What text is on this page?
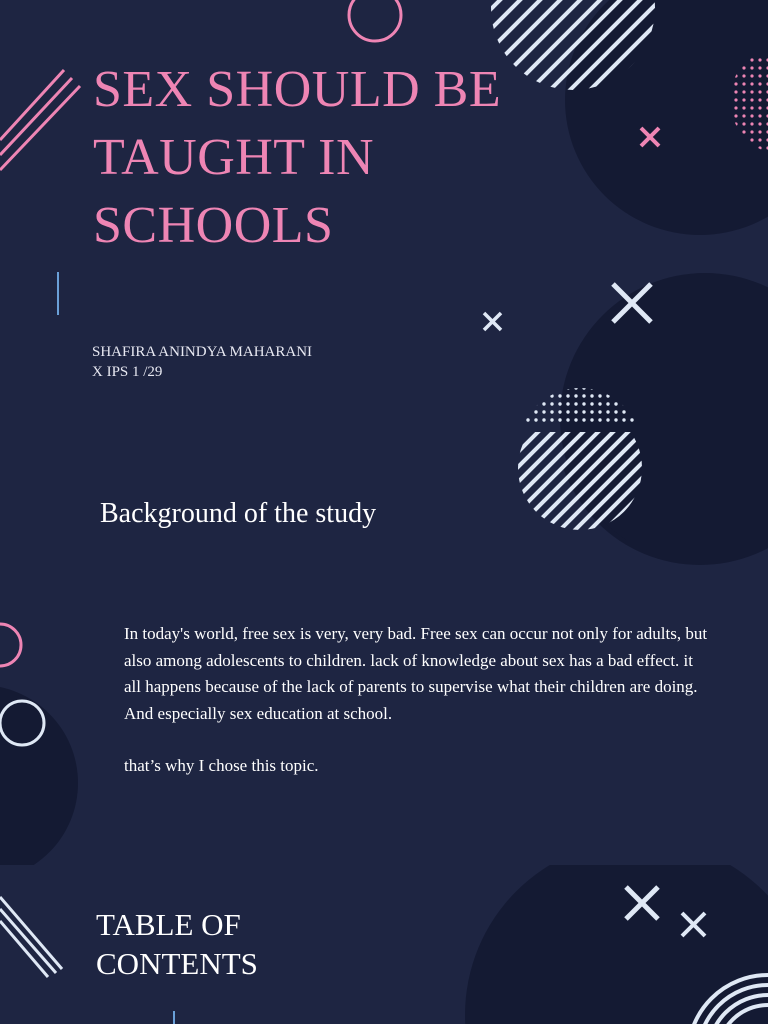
SEX SHOULD BE TAUGHT IN SCHOOLS
SHAFIRA ANINDYA MAHARANI
X IPS 1 /29
Background of the study

In today's world, free sex is very, very bad. Free sex can occur not only for adults, but also among adolescents to children. lack of knowledge about sex has a bad effect. it all happens because of the lack of parents to supervise what their children are doing. And especially sex education at school.

that’s why I chose this topic.

TABLE OF CONTENTS
